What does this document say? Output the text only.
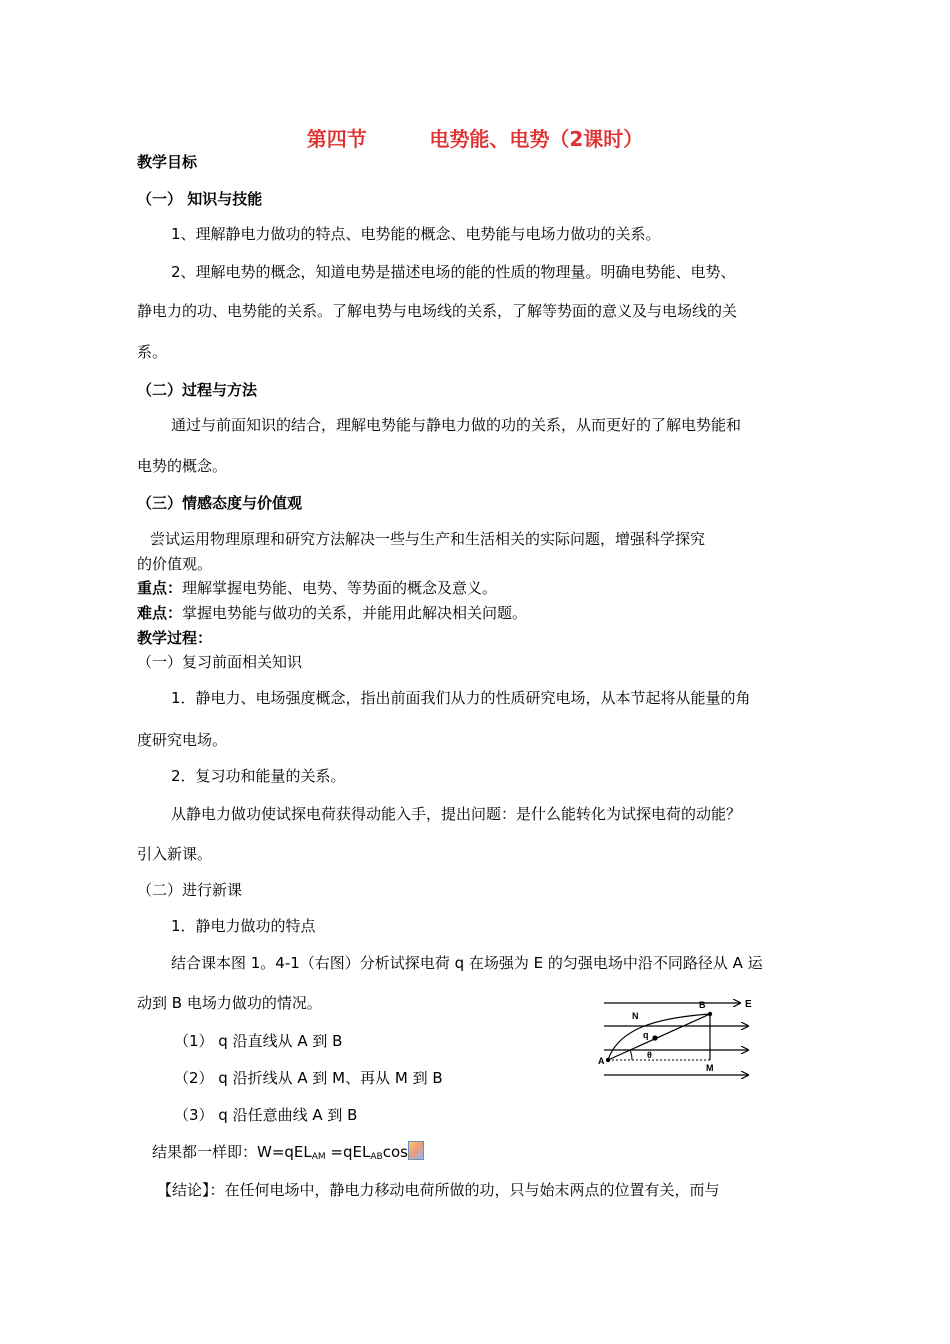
第四节         电势能、电势（2课时）
教学目标
（一） 知识与技能
1、理解静电力做功的特点、电势能的概念、电势能与电场力做功的关系。
2、理解电势的概念，知道电势是描述电场的能的性质的物理量。明确电势能、电势、
静电力的功、电势能的关系。了解电势与电场线的关系，了解等势面的意义及与电场线的关
系。
（二）过程与方法
通过与前面知识的结合，理解电势能与静电力做的功的关系，从而更好的了解电势能和
电势的概念。
（三）情感态度与价值观
尝试运用物理原理和研究方法解决一些与生产和生活相关的实际问题，增强科学探究
的价值观。
重点：理解掌握电势能、电势、等势面的概念及意义。
难点：掌握电势能与做功的关系，并能用此解决相关问题。
教学过程：
（一）复习前面相关知识
1．静电力、电场强度概念，指出前面我们从力的性质研究电场，从本节起将从能量的角
度研究电场。
2．复习功和能量的关系。
从静电力做功使试探电荷获得动能入手，提出问题：是什么能转化为试探电荷的动能？
引入新课。
（二）进行新课
1．静电力做功的特点
结合课本图 1。4-1（右图）分析试探电荷 q 在场强为 E 的匀强电场中沿不同路径从 A 运
动到 B 电场力做功的情况。
（1） q 沿直线从 A 到 B
（2） q 沿折线从 A 到 M、再从 M 到 B
（3） q 沿任意曲线 A 到 B
结果都一样即：W=qEL$_{AM}$ =qEL$_{AB}$cos
【结论】：在任何电场中，静电力移动电荷所做的功，只与始末两点的位置有关，而与
E
B
N
q
θ
A
M
